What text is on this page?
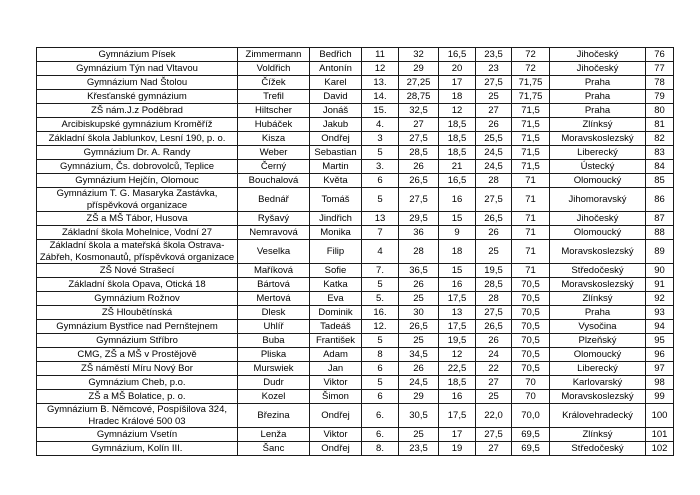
Gymnázium Písek	Zimmermann	Bedřich	11	32	16,5	23,5	72	Jihočeský	76
Gymnázium Týn nad Vltavou	Voldřich	Antonín	12	29	20	23	72	Jihočeský	77
Gymnázium Nad Štolou	Čížek	Karel	13.	27,25	17	27,5	71,75	Praha	78
Křesťanské gymnázium	Trefil	David	14.	28,75	18	25	71,75	Praha	79
ZŠ nám.J.z Poděbrad	Hiltscher	Jonáš	15.	32,5	12	27	71,5	Praha	80
Arcibiskupské gymnázium Kroměříž	Hubáček	Jakub	4.	27	18,5	26	71,5	Zlínksý	81
Základní škola Jablunkov, Lesní 190, p. o.	Kisza	Ondřej	3	27,5	18,5	25,5	71,5	Moravskoslezský	82
Gymnázium Dr. A. Randy	Weber	Sebastian	5	28,5	18,5	24,5	71,5	Liberecký	83
Gymnázium, Čs. dobrovolců, Teplice	Černý	Martin	3.	26	21	24,5	71,5	Ústecký	84
Gymnázium Hejčín, Olomouc	Bouchalová	Květa	6	26,5	16,5	28	71	Olomoucký	85
Gymnázium T. G. Masaryka Zastávka, příspěvková organizace	Bednář	Tomáš	5	27,5	16	27,5	71	Jihomoravský	86
ZŠ a MŠ Tábor, Husova	Ryšavý	Jindřich	13	29,5	15	26,5	71	Jihočeský	87
Základní škola Mohelnice, Vodní 27	Nemravová	Monika	7	36	9	26	71	Olomoucký	88
Základní škola a mateřská škola Ostrava-Zábřeh, Kosmonautů, příspěvková organizace	Veselka	Filip	4	28	18	25	71	Moravskoslezský	89
ZŠ Nové Strašecí	Maříková	Sofie	7.	36,5	15	19,5	71	Středočeský	90
Základní škola Opava, Otická 18	Bártová	Katka	5	26	16	28,5	70,5	Moravskoslezský	91
Gymnázium Rožnov	Mertová	Eva	5.	25	17,5	28	70,5	Zlínksý	92
ZŠ Hloubětínská	Dlesk	Dominik	16.	30	13	27,5	70,5	Praha	93
Gymnázium Bystřice nad Pernštejnem	Uhlíř	Tadeáš	12.	26,5	17,5	26,5	70,5	Vysočina	94
Gymnázium Stříbro	Buba	František	5	25	19,5	26	70,5	Plzeňský	95
CMG, ZŠ a MŠ v Prostějově	Pliska	Adam	8	34,5	12	24	70,5	Olomoucký	96
ZŠ náměstí Míru Nový Bor	Murswiek	Jan	6	26	22,5	22	70,5	Liberecký	97
Gymnázium Cheb, p.o.	Dudr	Viktor	5	24,5	18,5	27	70	Karlovarský	98
ZŠ a MŠ Bolatice, p. o.	Kozel	Šimon	6	29	16	25	70	Moravskoslezský	99
Gymnázium B. Němcové, Pospíšilova 324, Hradec Králové 500 03	Březina	Ondřej	6.	30,5	17,5	22,0	70,0	Královehradecký	100
Gymnázium Vsetín	Lenža	Viktor	6.	25	17	27,5	69,5	Zlínksý	101
Gymnázium, Kolín III.	Šanc	Ondřej	8.	23,5	19	27	69,5	Středočeský	102
